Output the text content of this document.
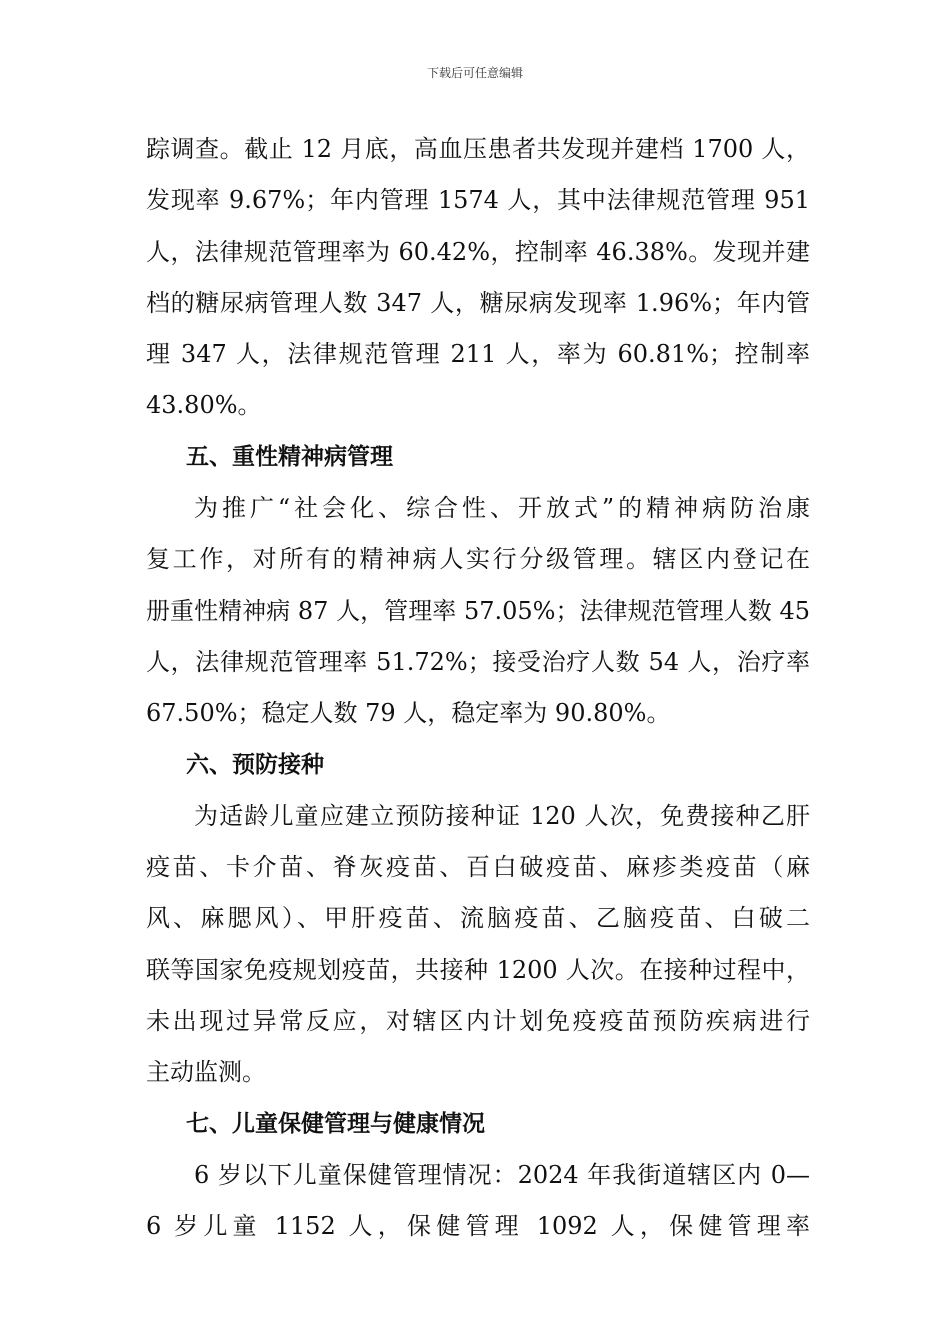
下载后可任意编辑
踪调查。截止 12 月底，高血压患者共发现并建档 1700 人，
发现率 9.67%；年内管理 1574 人，其中法律规范管理 951
人，法律规范管理率为 60.42%，控制率 46.38%。发现并建
档的糖尿病管理人数 347 人，糖尿病发现率 1.96%；年内管
理 347 人，法律规范管理 211 人，率为 60.81%；控制率
43.80%。
五、重性精神病管理
为推广“社会化、综合性、开放式”的精神病防治康
复工作，对所有的精神病人实行分级管理。辖区内登记在
册重性精神病 87 人，管理率 57.05%；法律规范管理人数 45
人，法律规范管理率 51.72%；接受治疗人数 54 人，治疗率
67.50%；稳定人数 79 人，稳定率为 90.80%。
六、预防接种
为适龄儿童应建立预防接种证 120 人次，免费接种乙肝
疫苗、卡介苗、脊灰疫苗、百白破疫苗、麻疹类疫苗（麻
风、麻腮风）、甲肝疫苗、流脑疫苗、乙脑疫苗、白破二
联等国家免疫规划疫苗，共接种 1200 人次。在接种过程中，
未出现过异常反应，对辖区内计划免疫疫苗预防疾病进行
主动监测。
七、儿童保健管理与健康情况
6 岁以下儿童保健管理情况：2024 年我街道辖区内 0—
6 岁儿童 1152 人，保健管理 1092 人，保健管理率
